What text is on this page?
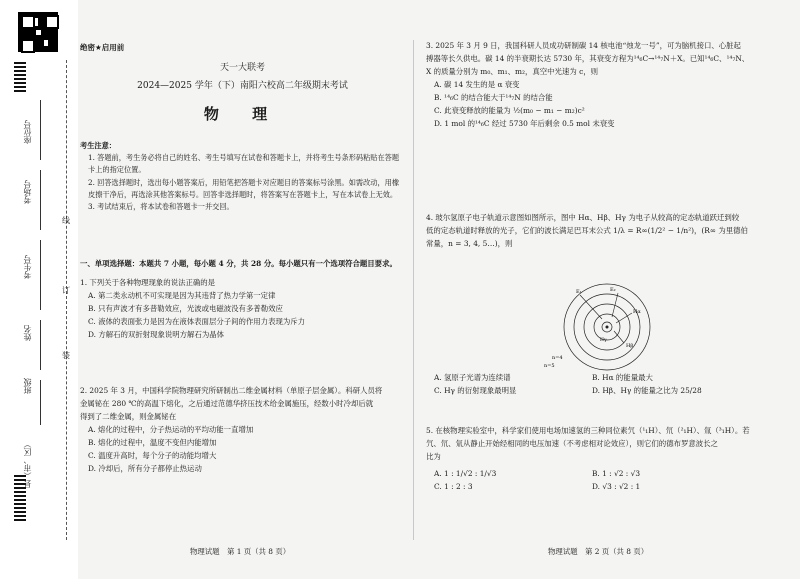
座位号
考场号
考生号
姓名
班级
县（市、区）
线
订
装
绝密★启用前
天一大联考
2024—2025 学年（下）南阳六校高二年级期末考试
物 理
考生注意：
1. 答题前，考生务必将自己的姓名、考生号填写在试卷和答题卡上，并将考生号条形码粘贴在答题卡上的指定位置。
2. 回答选择题时，选出每小题答案后，用铅笔把答题卡对应题目的答案标号涂黑。如需改动，用橡皮擦干净后，再选涂其他答案标号。回答非选择题时，将答案写在答题卡上，写在本试卷上无效。
3. 考试结束后，将本试卷和答题卡一并交回。
一、单项选择题：本题共 7 小题，每小题 4 分，共 28 分。每小题只有一个选项符合题目要求。
1. 下列关于各种物理现象的说法正确的是
A. 第二类永动机不可实现是因为其违背了热力学第一定律
B. 只有声波才有多普勒效应，光波或电磁波没有多普勒效应
C. 液体的表面张力是因为在液体表面层分子间的作用力表现为斥力
D. 方解石的双折射现象说明方解石为晶体
2. 2025 年 3 月，中国科学院物理研究所研制出二维金属材料（单原子层金属）。科研人员将
金属铋在 280 ℃的高温下熔化，之后通过范德华挤压技术给金属施压，经数小时冷却后就
得到了二维金属，则金属铋在
A. 熔化的过程中，分子热运动的平均动能一直增加
B. 熔化的过程中，温度不变但内能增加
C. 温度升高时，每个分子的动能均增大
D. 冷却后，所有分子都停止热运动
物理试题　第 1 页（共 8 页）
3. 2025 年 3 月 9 日，我国科研人员成功研制碳 14 核电池“烛龙一号”，可为脑机接口、心脏起
搏器等长久供电。碳 14 的半衰期长达 5730 年，其衰变方程为¹⁴₆C→¹⁴₇N＋X。已知¹⁴₆C、¹⁴₇N、
X 的质量分别为 m₀、m₁、m₂，真空中光速为 c，则
A. 碳 14 发生的是 α 衰变
B. ¹⁴₆C 的结合能大于¹⁴₇N 的结合能
C. 此衰变释放的能量为 ½(m₀ − m₁ − m₂)c²
D. 1 mol 的¹⁴₆C 经过 5730 年后剩余 0.5 mol 未衰变
4. 玻尔氢原子电子轨道示意图如图所示，图中 Hα、Hβ、Hγ 为电子从较高的定态轨道跃迁到较
低的定态轨道时释放的光子，它们的波长满足巴耳末公式 1/λ = R∞(1/2² − 1/n²)，(R∞ 为里德伯
常量，n = 3, 4, 5…)，则
n=5
n=4
E₁	E₂
Hα
Hβ
Hγ
A. 氢原子光谱为连续谱	B. Hα 的能量最大
C. Hγ 的衍射现象最明显	D. Hβ、Hγ 的能量之比为 25/28
5. 在核物理实验室中，科学家们使用电场加速氢的三种同位素氕（¹₁H）、氘（²₁H）、氚（³₁H）。若
氕、氘、氚从静止开始经相同的电压加速（不考虑相对论效应），则它们的德布罗意波长之
比为
A. 1 : 1/√2 : 1/√3	B. 1 : √2 : √3
C. 1 : 2 : 3	D. √3 : √2 : 1
物理试题　第 2 页（共 8 页）
